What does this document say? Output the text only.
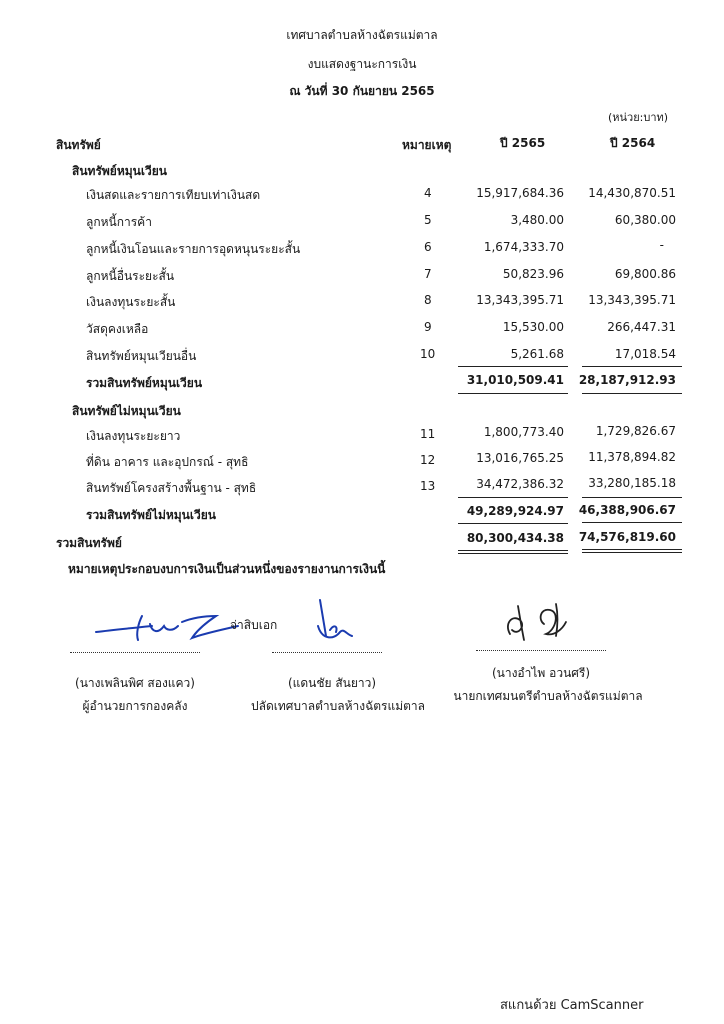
เทศบาลตำบลห้างฉัตรแม่ตาล
งบแสดงฐานะการเงิน
ณ วันที่ 30 กันยายน 2565
(หน่วย:บาท)
สินทรัพย์	หมายเหตุ	ปี 2565	ปี 2564
สินทรัพย์หมุนเวียน
เงินสดและรายการเทียบเท่าเงินสด	4	15,917,684.36	14,430,870.51
ลูกหนี้การค้า	5	3,480.00	60,380.00
ลูกหนี้เงินโอนและรายการอุดหนุนระยะสั้น	6	1,674,333.70	-
ลูกหนี้อื่นระยะสั้น	7	50,823.96	69,800.86
เงินลงทุนระยะสั้น	8	13,343,395.71	13,343,395.71
วัสดุคงเหลือ	9	15,530.00	266,447.31
สินทรัพย์หมุนเวียนอื่น	10	5,261.68	17,018.54
รวมสินทรัพย์หมุนเวียน	31,010,509.41	28,187,912.93
สินทรัพย์ไม่หมุนเวียน
เงินลงทุนระยะยาว	11	1,800,773.40	1,729,826.67
ที่ดิน อาคาร และอุปกรณ์ - สุทธิ	12	13,016,765.25	11,378,894.82
สินทรัพย์โครงสร้างพื้นฐาน - สุทธิ	13	34,472,386.32	33,280,185.18
รวมสินทรัพย์ไม่หมุนเวียน	49,289,924.97	46,388,906.67
รวมสินทรัพย์	80,300,434.38	74,576,819.60
หมายเหตุประกอบงบการเงินเป็นส่วนหนึ่งของรายงานการเงินนี้
(นางเพลินพิศ สองแคว)
ผู้อำนวยการกองคลัง
จ่าสิบเอก
(แดนชัย สันยาว)
ปลัดเทศบาลตำบลห้างฉัตรแม่ตาล
(นางอำไพ อวนศรี)
นายกเทศมนตรีตำบลห้างฉัตรแม่ตาล
สแกนด้วย CamScanner
